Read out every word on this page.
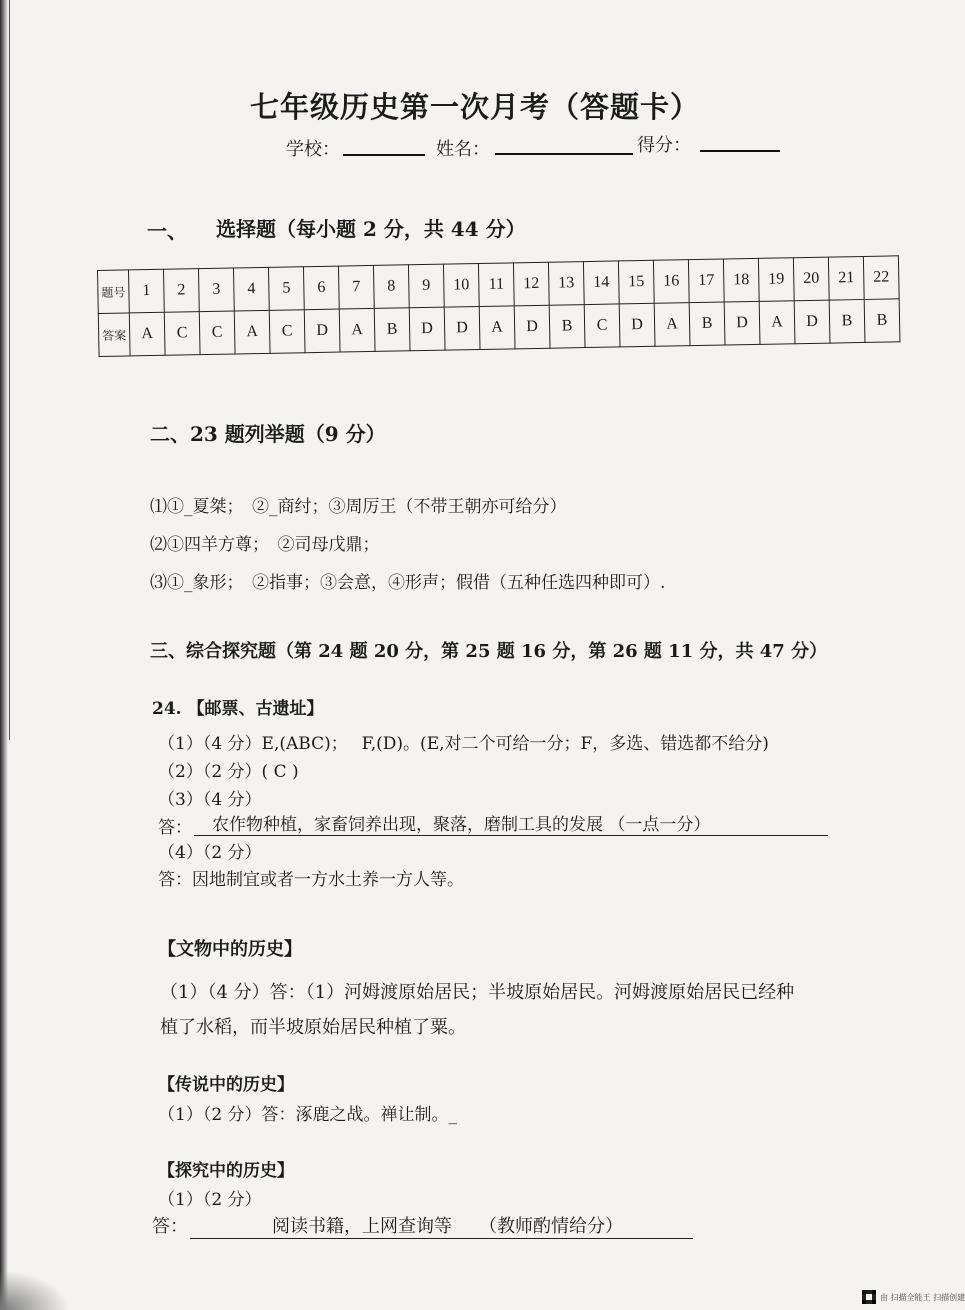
七年级历史第一次月考（答题卡）
学校：	姓名：	得分：
一、 选择题（每小题 2 分，共 44 分）
题号	1	2	3	4	5	6	7	8	9	10	11	12	13	14	15	16	17	18	19	20	21	22
答案	A	C	C	A	C	D	A	B	D	D	A	D	B	C	D	A	B	D	A	D	B	B
二、23 题列举题（9 分）
⑴①_夏桀；　②_商纣；③周厉王（不带王朝亦可给分）
⑵①四羊方尊；　②司母戊鼎；
⑶①_象形；　②指事；③会意，④形声；假借（五种任选四种即可）.
三、综合探究题（第 24 题 20 分，第 25 题 16 分，第 26 题 11 分，共 47 分）
24. 【邮票、古遗址】
（1）（4 分）E,(ABC)；　 F,(D)。(E,对二个可给一分；F，多选、错选都不给分)
（2）（2 分）( C )
（3）（4 分）
答：	农作物种植，家畜饲养出现，聚落，磨制工具的发展 （一点一分）
（4）（2 分）
答：因地制宜或者一方水土养一方人等。
【文物中的历史】
（1）（4 分）答：（1）河姆渡原始居民；半坡原始居民。河姆渡原始居民已经种
植了水稻，而半坡原始居民种植了粟。
【传说中的历史】
（1）（2 分）答：涿鹿之战。禅让制。_
【探究中的历史】
（1）（2 分）
答：	阅读书籍，上网查询等　　（教师酌情给分）
由 扫描全能王 扫描创建
